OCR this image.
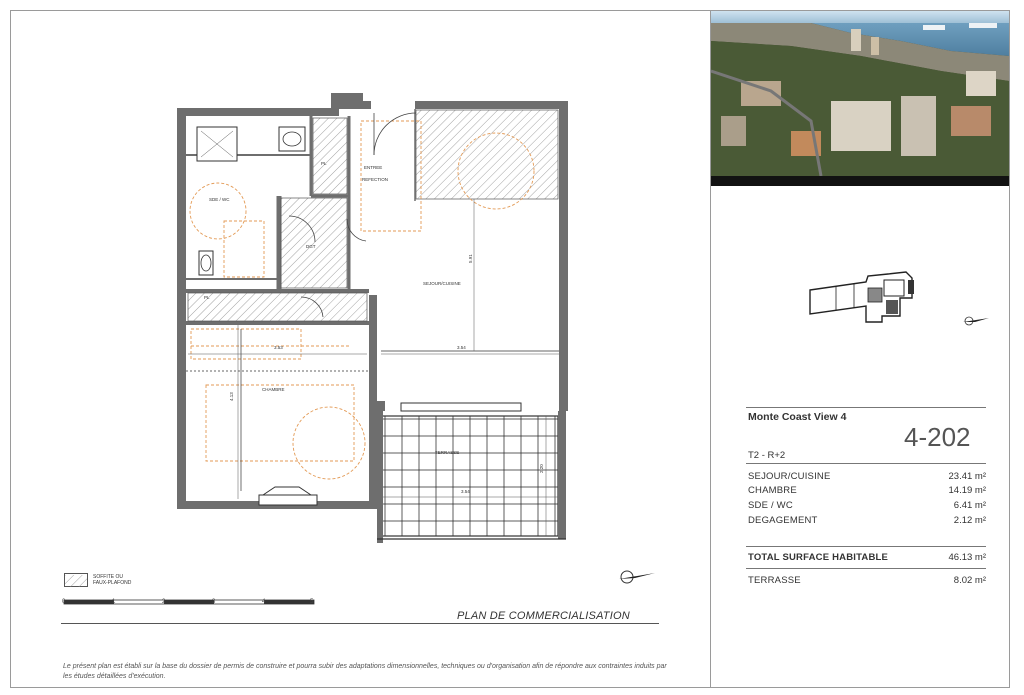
SDE / WC
PL
ENTREE
REFECTION
DGT
SEJOUR/CUISINE
PL
CHAMBRE
TERRASSE
5.91
3.53	3.54
4.13
3.54
2.20
SOFFITE OU
FAUX-PLAFOND
0	1	2	3	4	5
PLAN DE COMMERCIALISATION
Le présent plan est établi sur la base du dossier de permis de construire et pourra subir des adaptations dimensionnelles, techniques ou d'organisation afin de répondre aux contraintes induits par les études détaillées d'exécution.
Monte Coast View 4
4-202
T2 - R+2
SEJOUR/CUISINE	23.41 m²
CHAMBRE	14.19 m²
SDE / WC	6.41 m²
DEGAGEMENT	2.12 m²
TOTAL SURFACE HABITABLE	46.13 m²
TERRASSE	8.02 m²
